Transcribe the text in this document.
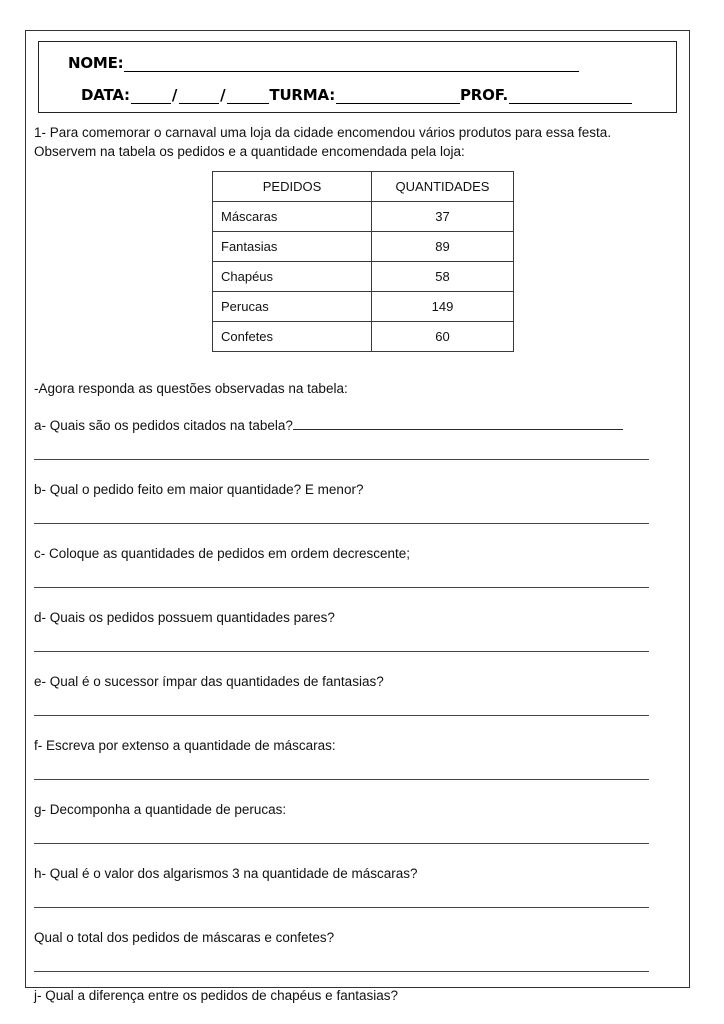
NOME:
DATA:	/	/	TURMA:	PROF.
1- Para comemorar o carnaval uma loja da cidade encomendou vários produtos para essa festa.
Observem na tabela os pedidos e a quantidade encomendada pela loja:
PEDIDOS	QUANTIDADES
Máscaras	37
Fantasias	89
Chapéus	58
Perucas	149
Confetes	60
-Agora responda as questões observadas na tabela:
a- Quais são os pedidos citados na tabela?
b- Qual o pedido feito em maior quantidade? E menor?
c- Coloque as quantidades de pedidos em ordem decrescente;
d- Quais os pedidos possuem quantidades pares?
e- Qual é o sucessor ímpar das quantidades de fantasias?
f- Escreva por extenso a quantidade de máscaras:
g- Decomponha a quantidade de perucas:
h- Qual é o valor dos algarismos 3 na quantidade de máscaras?
Qual o total dos pedidos de máscaras e confetes?
j- Qual a diferença entre os pedidos de chapéus e fantasias?
